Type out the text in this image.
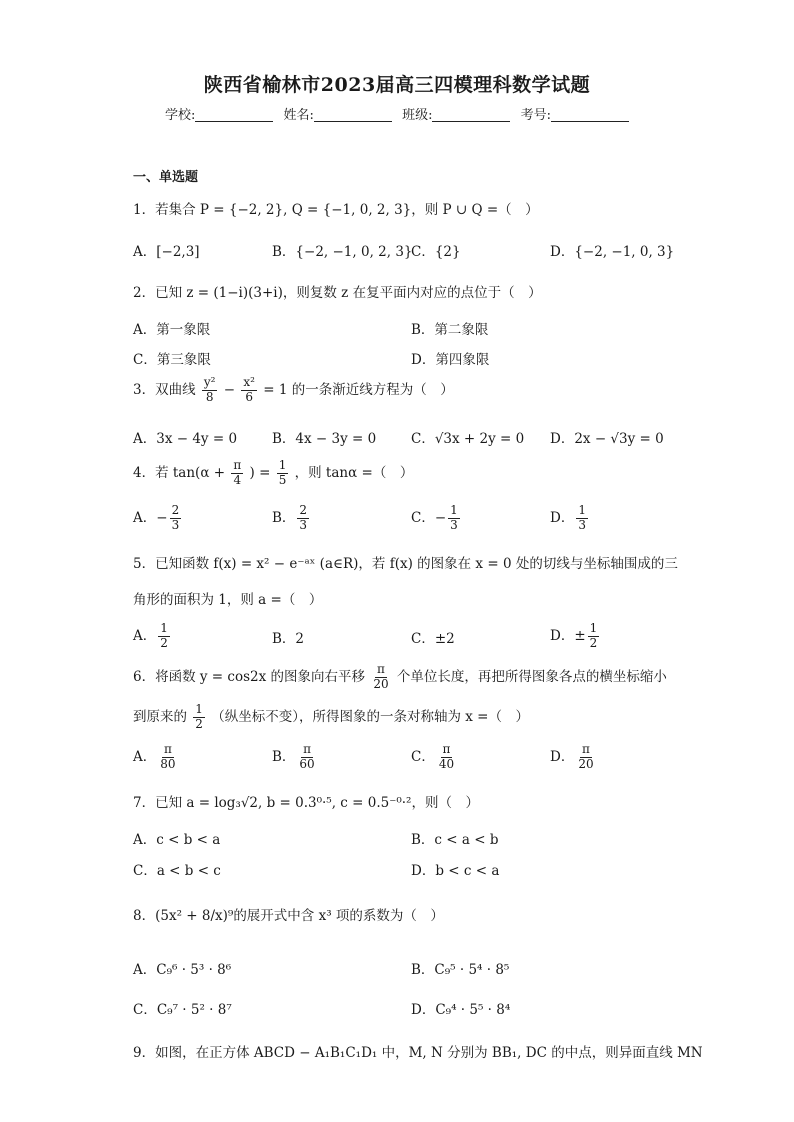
陕西省榆林市2023届高三四模理科数学试题
学校:	姓名:	班级:	考号:
一、单选题
1．若集合 P = {−2, 2}, Q = {−1, 0, 2, 3}，则 P ∪ Q =（　）
A．[−2,3]	B．{−2, −1, 0, 2, 3}
C．{2}	D．{−2, −1, 0, 3}
2．已知 z = (1−i)(3+i)，则复数 z 在复平面内对应的点位于（　）
A．第一象限	B．第二象限
C．第三象限	D．第四象限
3．双曲线 $\frac{\text{y²}}{8} - \frac{\text{x²}}{6} = 1$ 的一条渐近线方程为（　）
A．3x − 4y = 0	B．4x − 3y = 0	C．√3x + 2y = 0 D．2x − √3y = 0
4．若 $\tan(\alpha + \frac{\pi}{4}$ ) = $\frac{1}{5}$ ，则 tanα =（　）
A．− $\frac{2}{3}$	B． $\frac{2}{3}$	C．− $\frac{1}{3}$	D． $\frac{1}{3}$
5．已知函数 f(x) = x² − e⁻ᵃˣ (a∈R)，若 f(x) 的图象在 x = 0 处的切线与坐标轴围成的三
角形的面积为 1，则 a =（　）
A． $\frac{1}{2}$	B．2	C．±2	D．± $\frac{1}{2}$
6．将函数 y = cos2x 的图象向右平移 $\frac{\pi}{20}$ 个单位长度，再把所得图象各点的横坐标缩小
到原来的 $\frac{1}{2}$ （纵坐标不变），所得图象的一条对称轴为 x =（　）
A． $\frac{\pi}{80}$	B． $\frac{\pi}{60}$	C． $\frac{\pi}{40}$	D． $\frac{\pi}{20}$
7．已知 a = log₃√2, b = 0.3⁰·⁵, c = 0.5⁻⁰·²，则（　）
A．c < b < a	B．c < a < b
C．a < b < c	D．b < c < a
8．(5x² + 8/x)⁹的展开式中含 x³ 项的系数为（　）
A．C₉⁶ · 5³ · 8⁶	B．C₉⁵ · 5⁴ · 8⁵
C．C₉⁷ · 5² · 8⁷	D．C₉⁴ · 5⁵ · 8⁴
9．如图，在正方体 ABCD − A₁B₁C₁D₁ 中，M, N 分别为 BB₁, DC 的中点，则异面直线 MN
